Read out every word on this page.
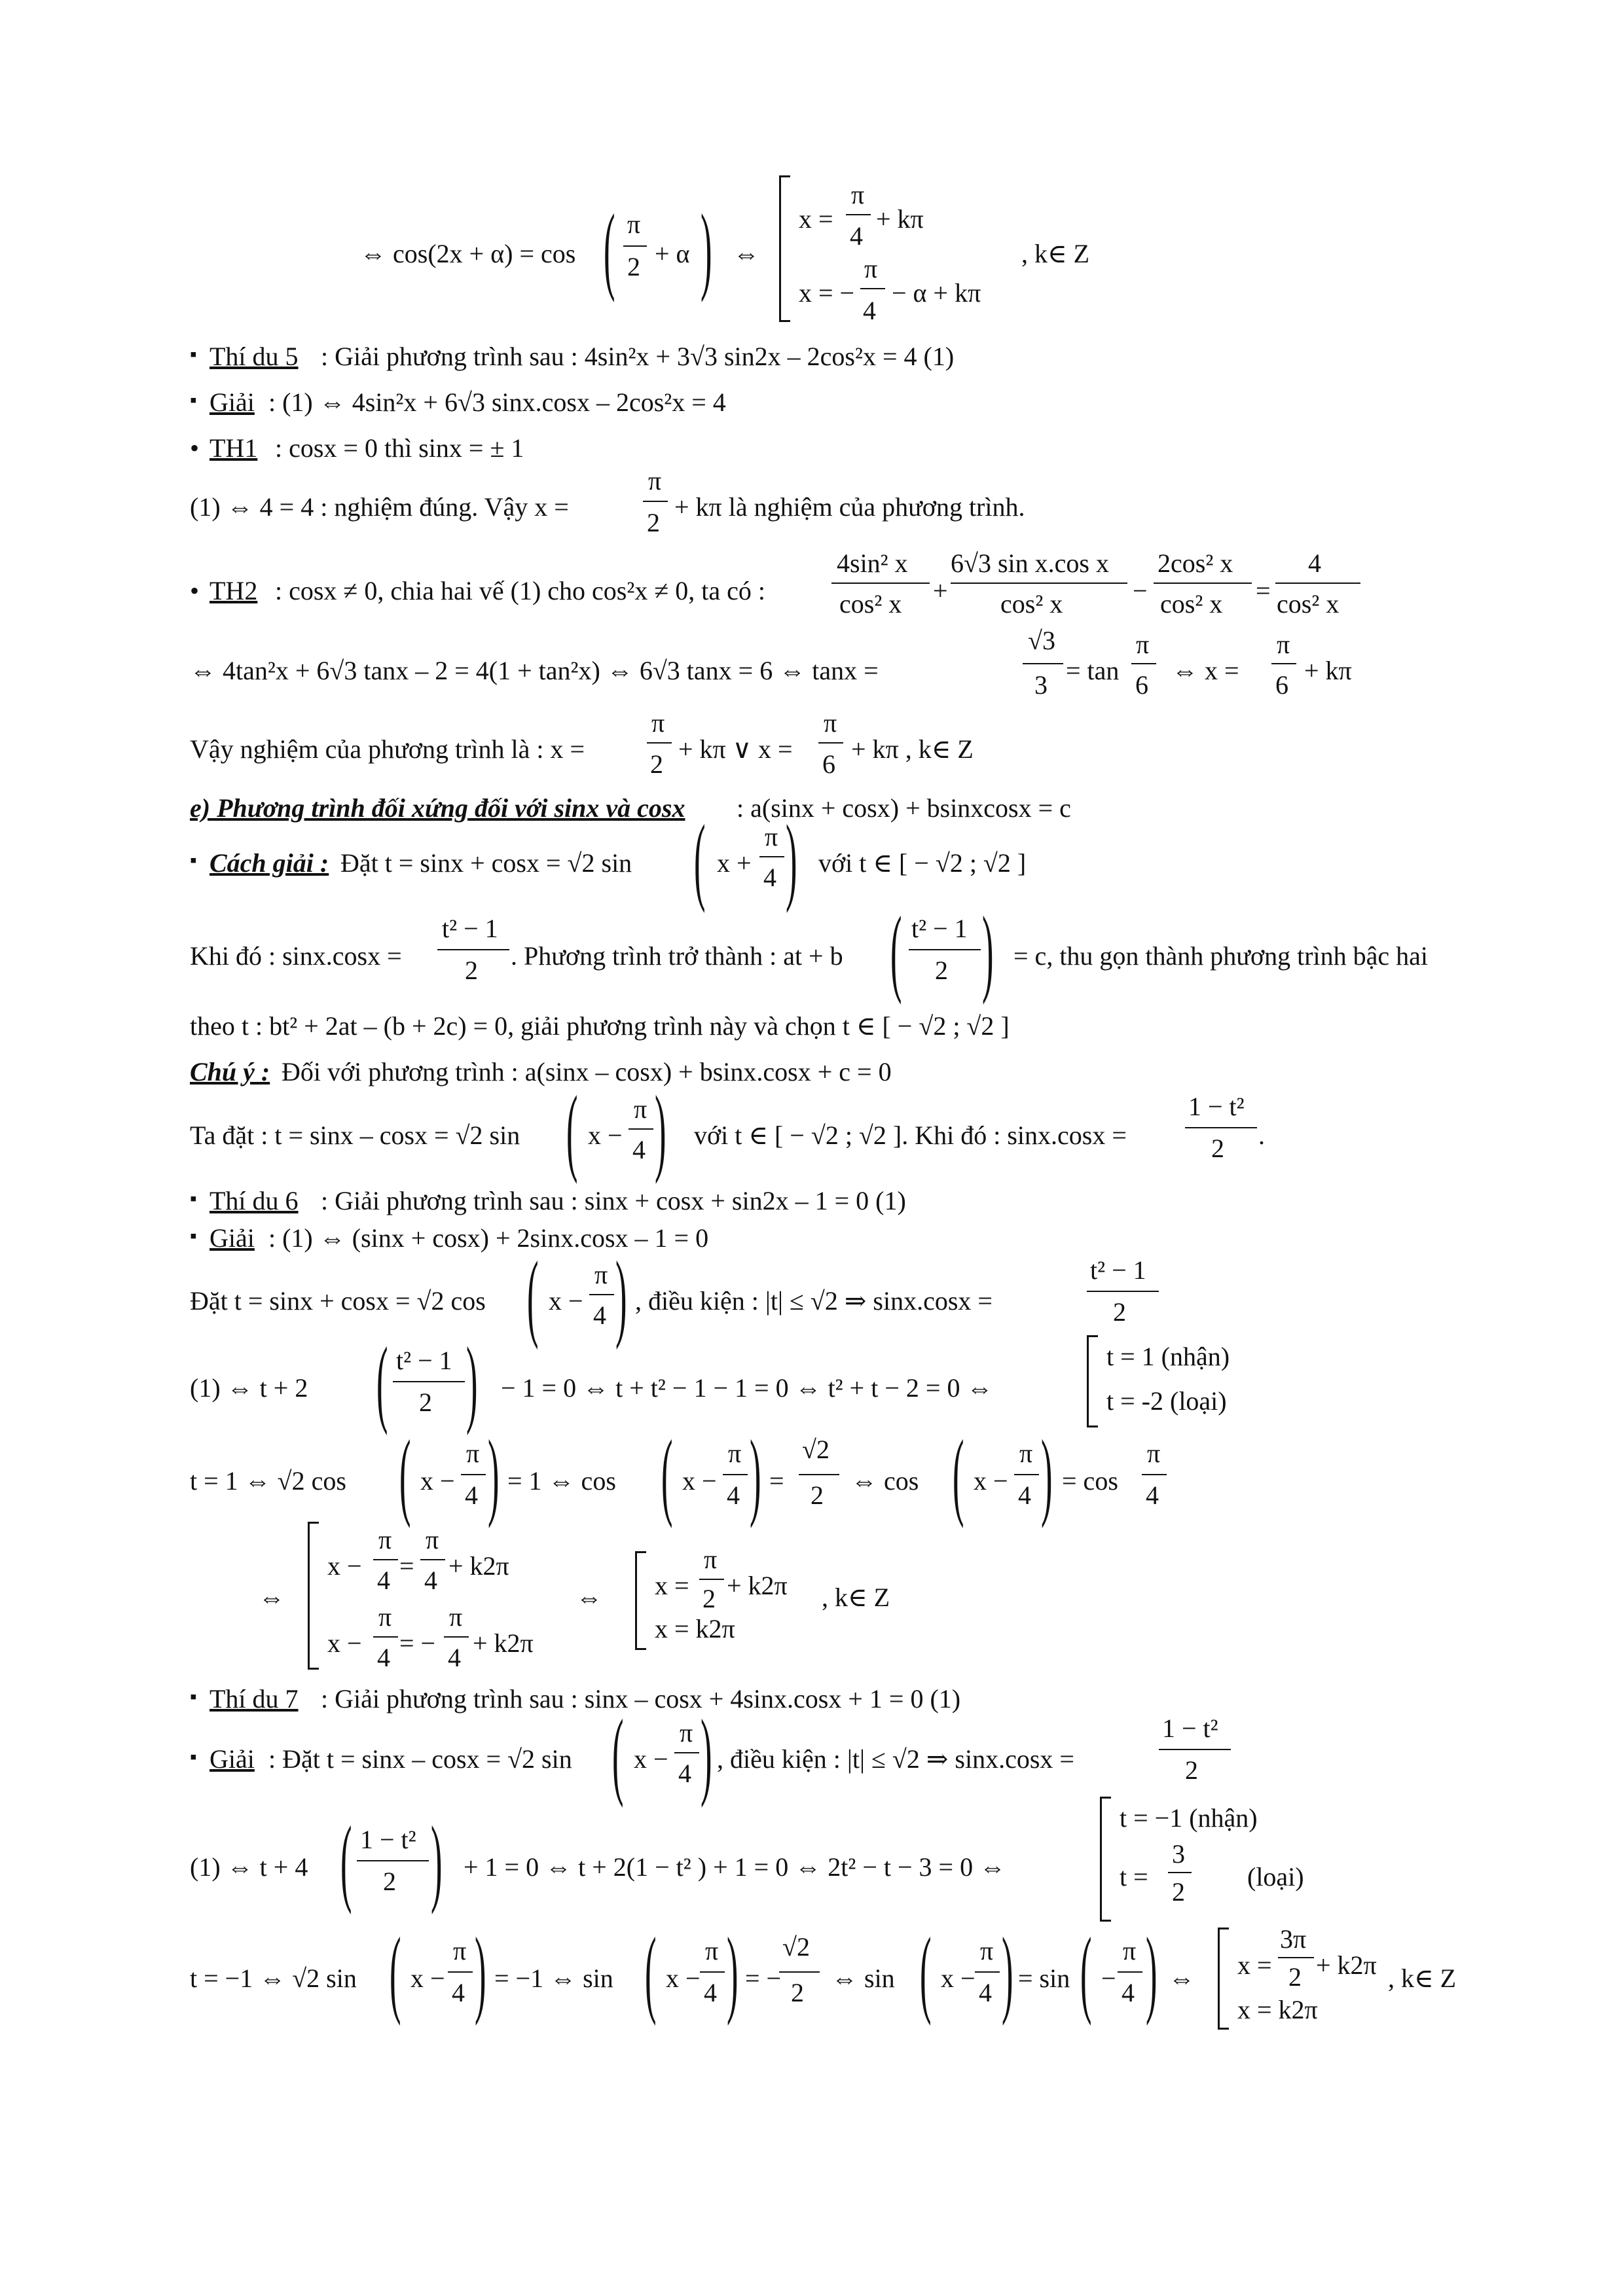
⇔ cos(2x + α) = cos ( π
2 + α ) ⇔
x =
π
4
+ kπ
x = −
π
4
− α + kπ
, k∈ Z
▪ Thí du 5 : Giải phương trình sau : 4sin²x + 3√3 sin2x – 2cos²x = 4 (1)
▪ Giải : (1) ⇔ 4sin²x + 6√3 sinx.cosx – 2cos²x = 4
• TH1 : cosx = 0 thì sinx = ± 1
(1) ⇔ 4 = 4 : nghiệm đúng. Vậy x =
π
2
+ kπ là nghiệm của phương trình.
• TH2 : cosx ≠ 0, chia hai vế (1) cho cos²x ≠ 0, ta có :
4sin² x
cos² x +
6√3 sin x.cos x
cos² x	−
2cos² x
cos² x =
4
cos² x
⇔ 4tan²x + 6√3 tanx – 2 = 4(1 + tan²x) ⇔ 6√3 tanx = 6 ⇔ tanx =
√3
3 = tan
π
6 ⇔ x =
π
6 + kπ
Vậy nghiệm của phương trình là : x =
π
2
+ kπ ∨ x =
π
6
+ kπ , k∈ Z
e) Phương trình đối xứng đối với sinx và cosx : a(sinx + cosx) + bsinxcosx = c
▪ Cách giải : Đặt t = sinx + cosx = √2 sin ( x +
π
4 ) với t ∈ [ − √2 ; √2 ]
Khi đó : sinx.cosx =
t² − 1
2 . Phương trình trở thành : at + b ( t² − 1
2 ) = c, thu gọn thành phương trình bậc hai
theo t : bt² + 2at – (b + 2c) = 0, giải phương trình này và chọn t ∈ [ − √2 ; √2 ]
Chú ý : Đối với phương trình : a(sinx – cosx) + bsinx.cosx + c = 0
Ta đặt : t = sinx – cosx = √2 sin ( x −
π
4 ) với t ∈ [ − √2 ; √2 ]. Khi đó : sinx.cosx =
1 − t²
2 .
▪ Thí du 6 : Giải phương trình sau : sinx + cosx + sin2x – 1 = 0 (1)
▪ Giải : (1) ⇔ (sinx + cosx) + 2sinx.cosx – 1 = 0
Đặt t = sinx + cosx = √2 cos ( x −
π
4 ) , điều kiện : |t| ≤ √2 ⇒ sinx.cosx =
t² − 1
2
(1) ⇔ t + 2 ( t² − 1
2 ) − 1 = 0 ⇔ t + t² − 1 − 1 = 0 ⇔ t² + t − 2 = 0 ⇔
t = 1 (nhận)
t = -2 (loại)
t = 1 ⇔ √2 cos ( x −
π
4 ) = 1 ⇔ cos ( x −
π
4 ) =
√2
2 ⇔ cos ( x −
π
4 ) = cos
π
4
⇔
x −
π
4 =
π
4 + k2π
x −
π
4 = −
π
4 + k2π
⇔ x =
π
2 + k2π
x = k2π
, k∈ Z
▪ Thí du 7 : Giải phương trình sau : sinx – cosx + 4sinx.cosx + 1 = 0 (1)
▪ Giải : Đặt t = sinx – cosx = √2 sin ( x −
π
4 ) , điều kiện : |t| ≤ √2 ⇒ sinx.cosx =
1 − t²
2
(1) ⇔ t + 4 ( 1 − t²
2 ) + 1 = 0 ⇔ t + 2(1 − t² ) + 1 = 0 ⇔ 2t² − t − 3 = 0 ⇔
t = −1 (nhận)
t =
3
2
(loại)
t = −1 ⇔ √2 sin ( x −
π
4 ) = −1 ⇔ sin ( x −
π
4 ) = −
√2
2 ⇔ sin ( x −
π
4 ) = sin ( −
π
4 ) ⇔ x =
3π
2 + k2π
x = k2π
, k∈ Z
